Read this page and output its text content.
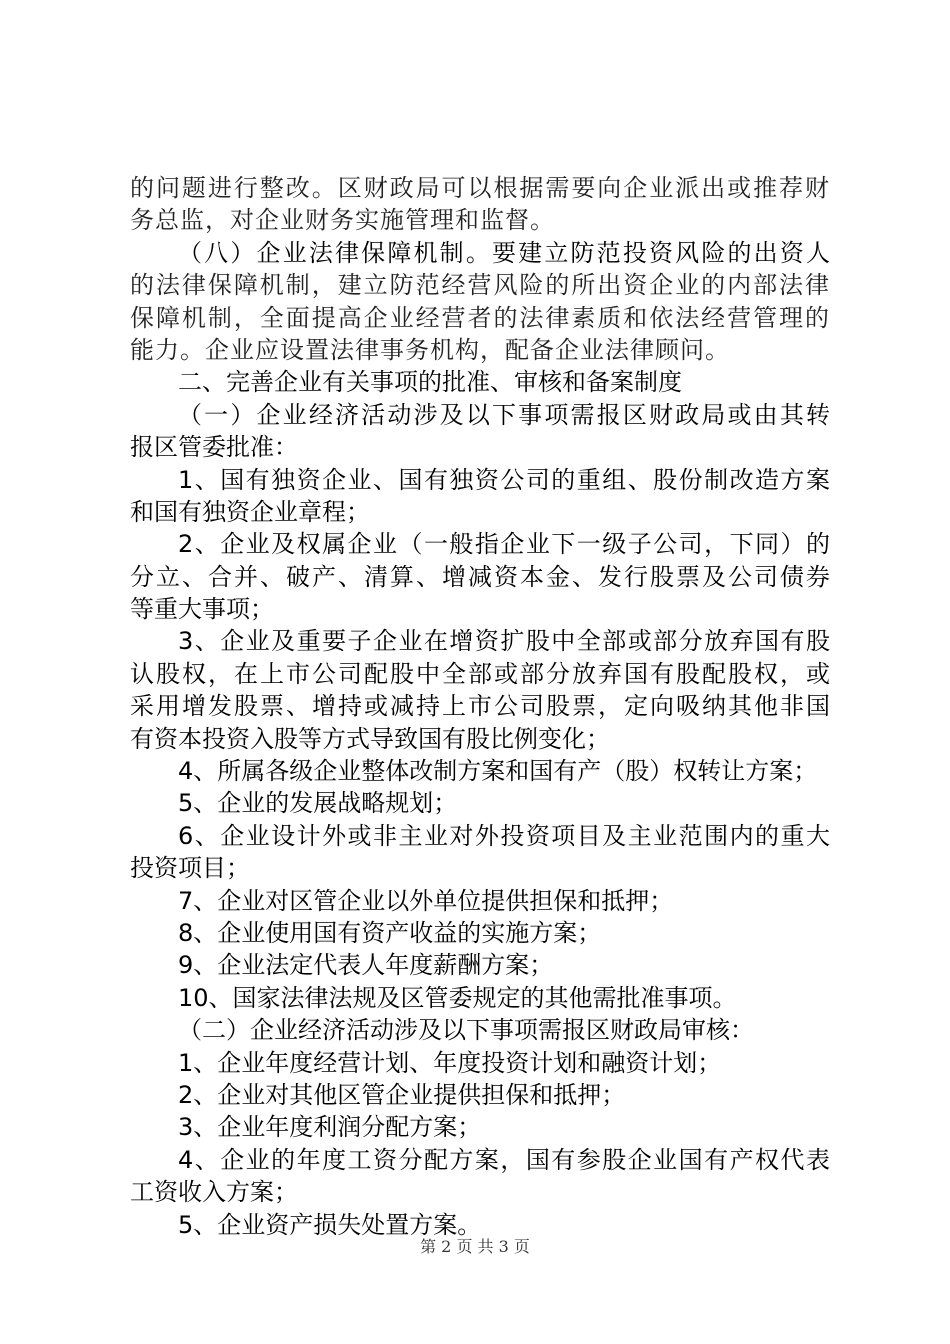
的问题进行整改。区财政局可以根据需要向企业派出或推荐财
务总监，对企业财务实施管理和监督。
（八）企业法律保障机制。要建立防范投资风险的出资人
的法律保障机制，建立防范经营风险的所出资企业的内部法律
保障机制，全面提高企业经营者的法律素质和依法经营管理的
能力。企业应设置法律事务机构，配备企业法律顾问。
二、完善企业有关事项的批准、审核和备案制度
（一）企业经济活动涉及以下事项需报区财政局或由其转
报区管委批准：
1、国有独资企业、国有独资公司的重组、股份制改造方案
和国有独资企业章程；
2、企业及权属企业（一般指企业下一级子公司，下同）的
分立、合并、破产、清算、增减资本金、发行股票及公司债券
等重大事项；
3、企业及重要子企业在增资扩股中全部或部分放弃国有股
认股权，在上市公司配股中全部或部分放弃国有股配股权，或
采用增发股票、增持或减持上市公司股票，定向吸纳其他非国
有资本投资入股等方式导致国有股比例变化；
4、所属各级企业整体改制方案和国有产（股）权转让方案；
5、企业的发展战略规划；
6、企业设计外或非主业对外投资项目及主业范围内的重大
投资项目；
7、企业对区管企业以外单位提供担保和抵押；
8、企业使用国有资产收益的实施方案；
9、企业法定代表人年度薪酬方案；
10、国家法律法规及区管委规定的其他需批准事项。
（二）企业经济活动涉及以下事项需报区财政局审核：
1、企业年度经营计划、年度投资计划和融资计划；
2、企业对其他区管企业提供担保和抵押；
3、企业年度利润分配方案；
4、企业的年度工资分配方案，国有参股企业国有产权代表
工资收入方案；
5、企业资产损失处置方案。
第 2 页 共 3 页
